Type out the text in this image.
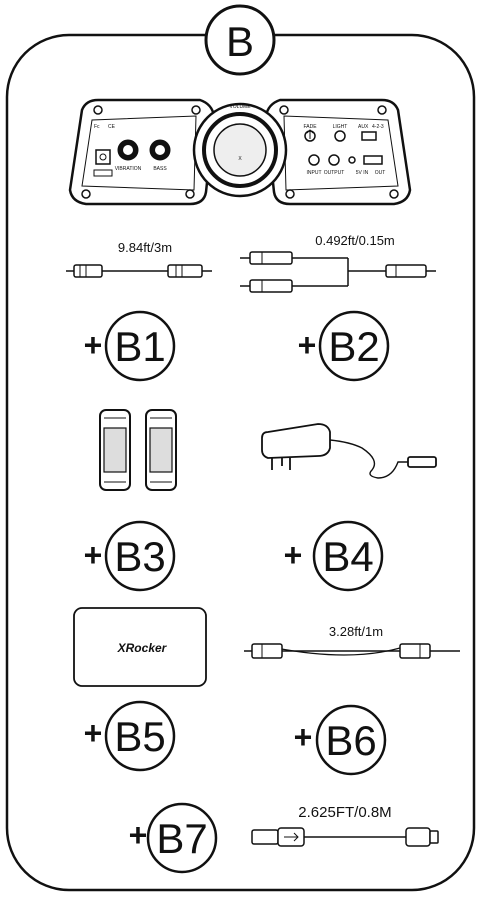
B
VOLUME
Fc CE
VIBRATION BASS
X
FADE	LIGHT AUX 4-2-3
INPUT OUTPUT 5V IN OUT
9.84ft/3m	0.492ft/0.15m
XRocker
3.28ft/1m
2.625FT/0.8M
+ B1	+ B2
+ B3	+ B4
+ B5	+ B6
+ B7
